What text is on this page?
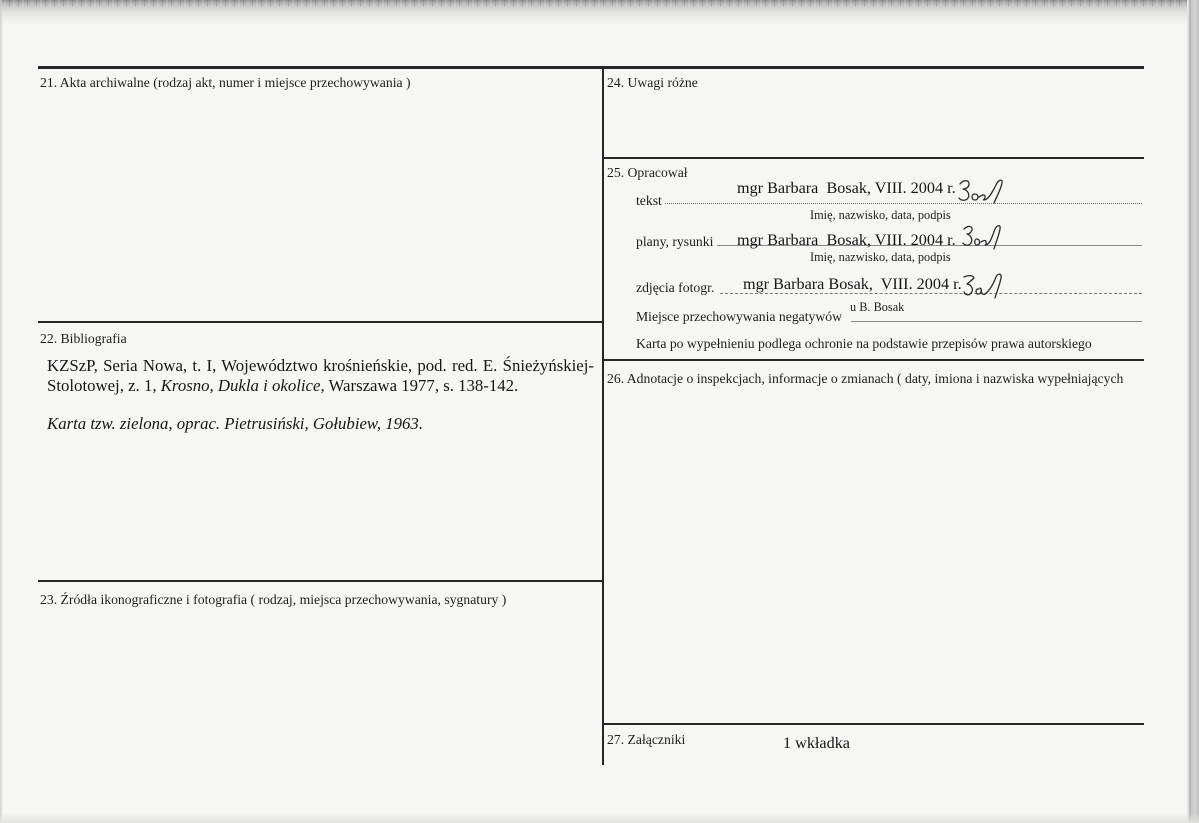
21. Akta archiwalne (rodzaj akt, numer i miejsce przechowywania )
22. Bibliografia
KZSzP, Seria Nowa, t. I, Województwo krośnieńskie, pod. red. E. Śnieżyńskiej-
Stolotowej, z. 1, Krosno, Dukla i okolice, Warszawa 1977, s. 138-142.
Karta tzw. zielona, oprac. Pietrusiński, Gołubiew, 1963.
23. Źródła ikonograficzne i fotografia ( rodzaj, miejsca przechowywania, sygnatury )
24. Uwagi różne
25. Opracował
tekst
mgr Barbara  Bosak, VIII. 2004 r.
Imię, nazwisko, data, podpis
plany, rysunki mgr Barbara  Bosak, VIII. 2004 r.
Imię, nazwisko, data, podpis
zdjęcia fotogr. mgr Barbara Bosak,  VIII. 2004 r.
u B. Bosak
Miejsce przechowywania negatywów
Karta po wypełnieniu podlega ochronie na podstawie przepisów prawa autorskiego
26. Adnotacje o inspekcjach, informacje o zmianach ( daty, imiona i nazwiska wypełniających
27. Załączniki	1 wkładka
